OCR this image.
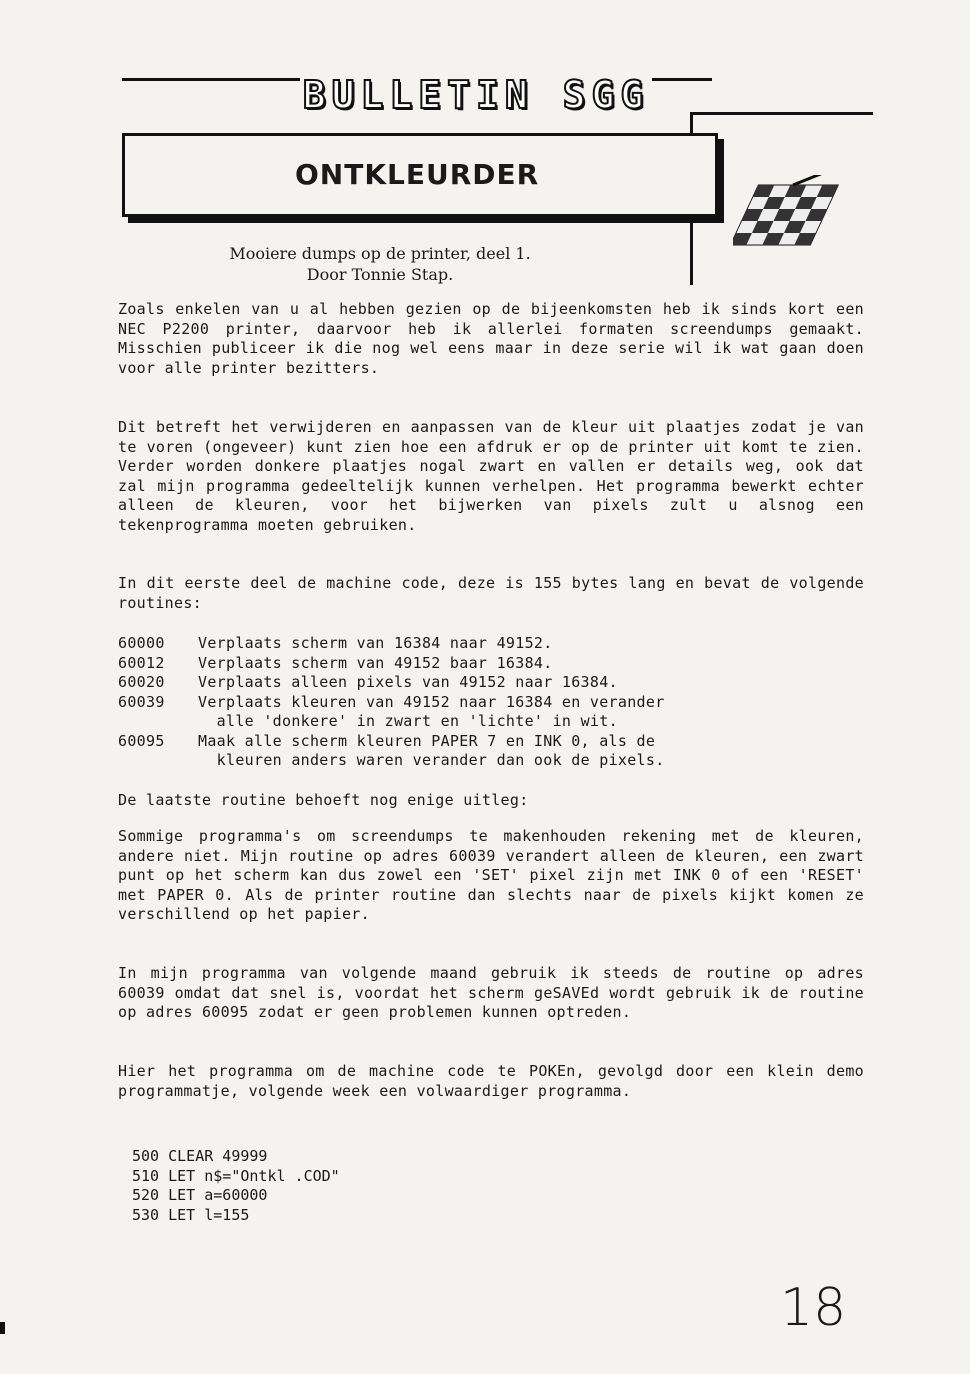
BULLETIN SGG
ONTKLEURDER
Mooiere dumps op de printer, deel 1.
Door Tonnie Stap.
Zoals enkelen van u al hebben gezien op de bijeenkomsten heb ik sinds kort een NEC P2200 printer, daarvoor heb ik allerlei formaten screendumps gemaakt. Misschien publiceer ik die nog wel eens maar in deze serie wil ik wat gaan doen voor alle printer bezitters.
Dit betreft het verwijderen en aanpassen van de kleur uit plaatjes zodat je van te voren (ongeveer) kunt zien hoe een afdruk er op de printer uit komt te zien. Verder worden donkere plaatjes nogal zwart en vallen er details weg, ook dat zal mijn programma gedeeltelijk kunnen verhelpen. Het programma bewerkt echter alleen de kleuren, voor het bijwerken van pixels zult u alsnog een tekenprogramma moeten gebruiken.
In dit eerste deel de machine code, deze is 155 bytes lang en bevat de volgende routines:
60000 Verplaats scherm van 16384 naar 49152.
60012 Verplaats scherm van 49152 baar 16384.
60020 Verplaats alleen pixels van 49152 naar 16384.
60039 Verplaats kleuren van 49152 naar 16384 en verander
alle 'donkere' in zwart en 'lichte' in wit.
60095 Maak alle scherm kleuren PAPER 7 en INK 0, als de
kleuren anders waren verander dan ook de pixels.
De laatste routine behoeft nog enige uitleg:
Sommige programma's om screendumps te makenhouden rekening met de kleuren, andere niet. Mijn routine op adres 60039 verandert alleen de kleuren, een zwart punt op het scherm kan dus zowel een 'SET' pixel zijn met INK 0 of een 'RESET' met PAPER 0. Als de printer routine dan slechts naar de pixels kijkt komen ze verschillend op het papier.
In mijn programma van volgende maand gebruik ik steeds de routine op adres 60039 omdat dat snel is, voordat het scherm geSAVEd wordt gebruik ik de routine op adres 60095 zodat er geen problemen kunnen optreden.
Hier het programma om de machine code te POKEn, gevolgd door een klein demo programmatje, volgende week een volwaardiger programma.
500 CLEAR 49999
510 LET n$="Ontkl .COD"
520 LET a=60000
530 LET l=155
18
